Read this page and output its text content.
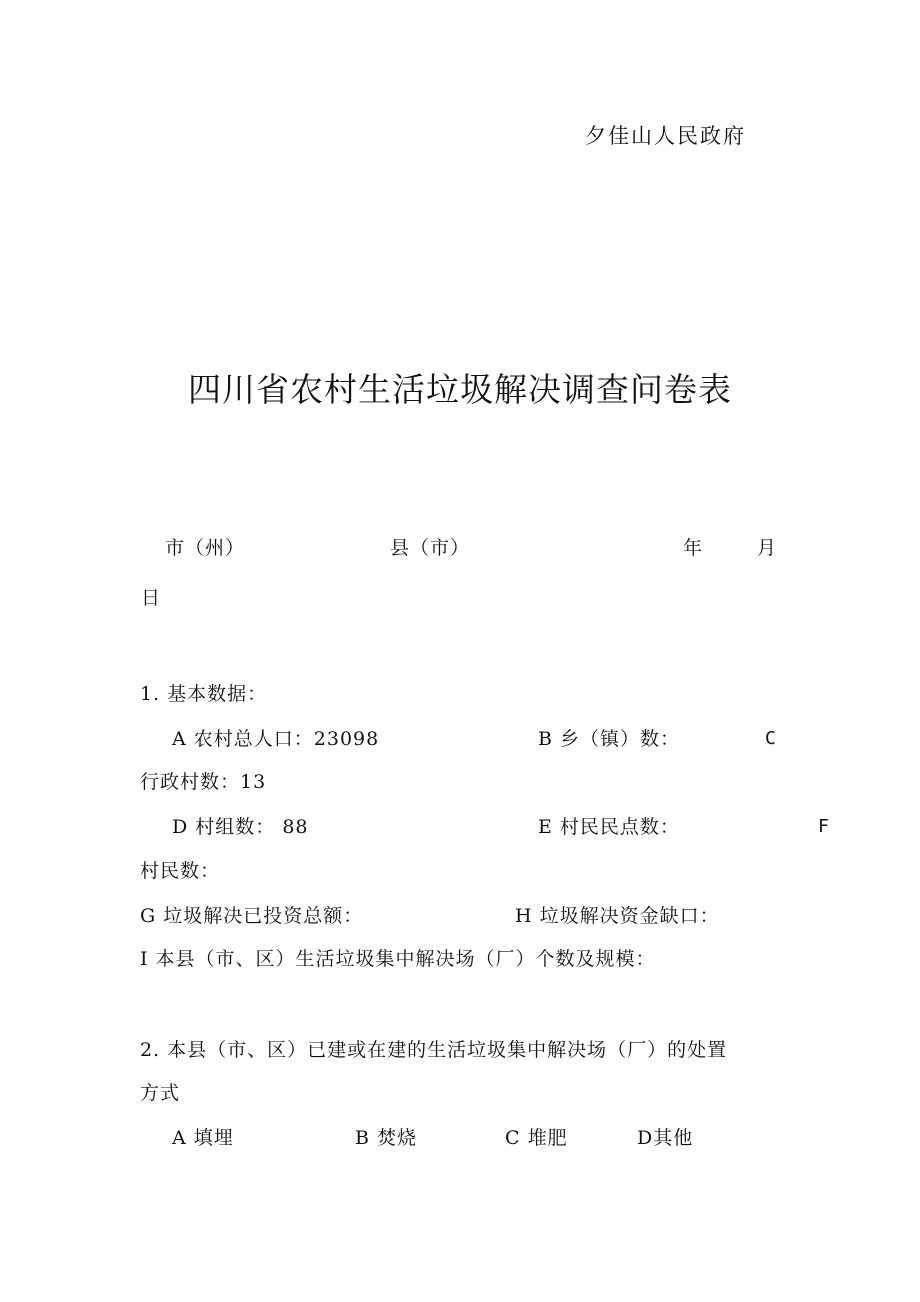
夕佳山人民政府
四川省农村生活垃圾解决调查问卷表
市（州）	县（市）	年	月
日
1. 基本数据：
A 农村总人口：23098	B 乡（镇）数：	C
行政村数：13
D 村组数： 88	E 村民民点数：	F
村民数：
G 垃圾解决已投资总额：	H 垃圾解决资金缺口：
I 本县（市、区）生活垃圾集中解决场（厂）个数及规模：
2. 本县（市、区）已建或在建的生活垃圾集中解决场（厂）的处置
方式
A 填埋	B 焚烧	C 堆肥	D其他
